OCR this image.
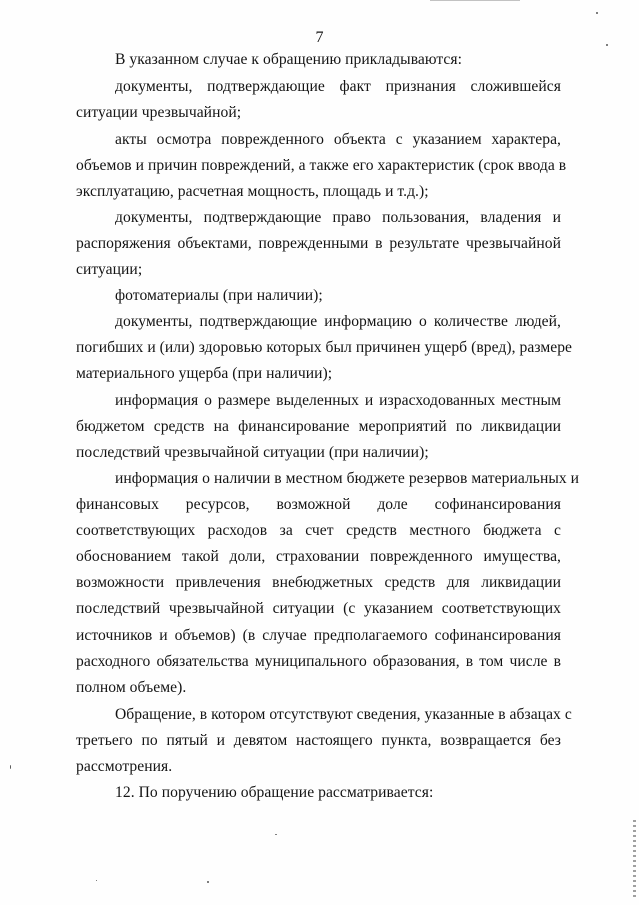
7
В указанном случае к обращению прикладываются:
документы, подтверждающие факт признания сложившейся
ситуации чрезвычайной;
акты осмотра поврежденного объекта с указанием характера,
объемов и причин повреждений, а также его характеристик (срок ввода в
эксплуатацию, расчетная мощность, площадь и т.д.);
документы, подтверждающие право пользования, владения и
распоряжения объектами, поврежденными в результате чрезвычайной
ситуации;
фотоматериалы (при наличии);
документы, подтверждающие информацию о количестве людей,
погибших и (или) здоровью которых был причинен ущерб (вред), размере
материального ущерба (при наличии);
информация о размере выделенных и израсходованных местным
бюджетом средств на финансирование мероприятий по ликвидации
последствий чрезвычайной ситуации (при наличии);
информация о наличии в местном бюджете резервов материальных и
финансовых ресурсов, возможной доле софинансирования
соответствующих расходов за счет средств местного бюджета с
обоснованием такой доли, страховании поврежденного имущества,
возможности привлечения внебюджетных средств для ликвидации
последствий чрезвычайной ситуации (с указанием соответствующих
источников и объемов) (в случае предполагаемого софинансирования
расходного обязательства муниципального образования, в том числе в
полном объеме).
Обращение, в котором отсутствуют сведения, указанные в абзацах с
третьего по пятый и девятом настоящего пункта, возвращается без
рассмотрения.
12. По поручению обращение рассматривается:
